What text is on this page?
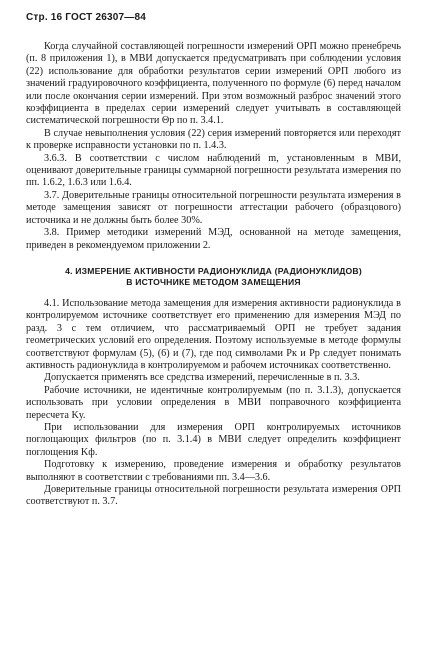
Стр. 16 ГОСТ 26307—84

Когда случайной составляющей погрешности измерений ОРП можно пренебречь (п. 8 приложения 1), в МВИ допускается предусматривать при соблюдении условия (22) использование для обработки результатов серии измерений ОРП любого из значений градуировочного коэффициента, полученного по формуле (6) перед началом или после окончания серии измерений. При этом возможный разброс значений этого коэффициента в пределах серии измерений следует учитывать в составляющей систематической погрешности Θр по п. 3.4.1.

В случае невыполнения условия (22) серия измерений повторяется или переходят к проверке исправности установки по п. 1.4.3.

3.6.3. В соответствии с числом наблюдений m, установленным в МВИ, оценивают доверительные границы суммарной погрешности результата измерения по пп. 1.6.2, 1.6.3 или 1.6.4.

3.7. Доверительные границы относительной погрешности результата измерения в методе замещения зависят от погрешности аттестации рабочего (образцового) источника и не должны быть более 30%.

3.8. Пример методики измерений МЭД, основанной на методе замещения, приведен в рекомендуемом приложении 2.

4. ИЗМЕРЕНИЕ АКТИВНОСТИ РАДИОНУКЛИДА (РАДИОНУКЛИДОВ)
В ИСТОЧНИКЕ МЕТОДОМ ЗАМЕЩЕНИЯ

4.1. Использование метода замещения для измерения активности радионуклида в контролируемом источнике соответствует его применению для измерения МЭД по разд. 3 с тем отличием, что рассматриваемый ОРП не требует задания геометрических условий его определения. Поэтому используемые в методе формулы соответствуют формулам (5), (6) и (7), где под символами Pк и Pр следует понимать активность радионуклида в контролируемом и рабочем источниках соответственно.

Допускается применять все средства измерений, перечисленные в п. 3.3.

Рабочие источники, не идентичные контролируемым (по п. 3.1.3), допускается использовать при условии определения в МВИ поправочного коэффициента пересчета Kу.

При использовании для измерения ОРП контролируемых источников поглощающих фильтров (по п. 3.1.4) в МВИ следует определить коэффициент поглощения Kф.

Подготовку к измерению, проведение измерения и обработку результатов выполняют в соответствии с требованиями пп. 3.4—3.6.

Доверительные границы относительной погрешности результата измерения ОРП соответствуют п. 3.7.
